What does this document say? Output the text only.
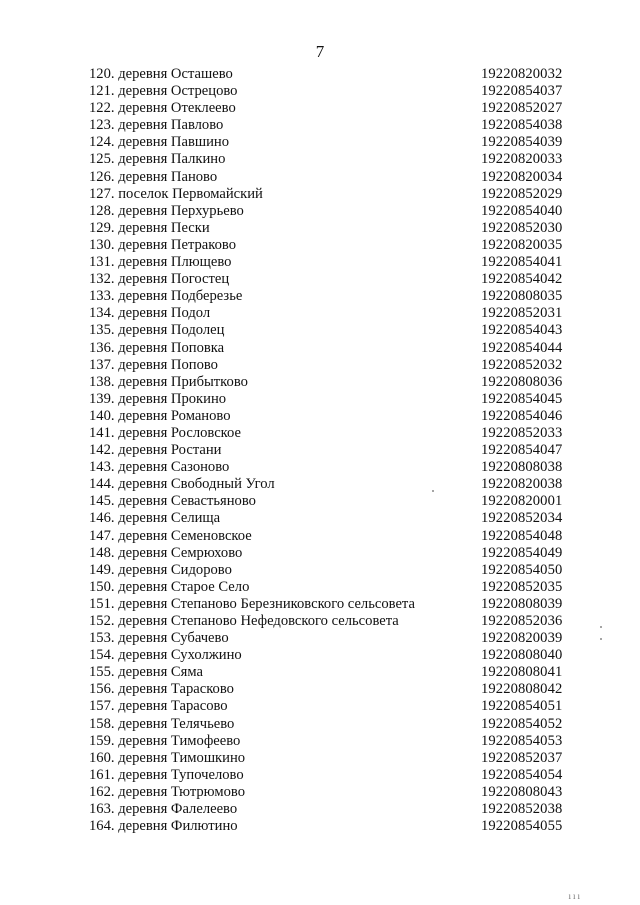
7
120. деревня Осташево	19220820032
121. деревня Острецово	19220854037
122. деревня Отеклеево	19220852027
123. деревня Павлово	19220854038
124. деревня Павшино	19220854039
125. деревня Палкино	19220820033
126. деревня Паново	19220820034
127. поселок Первомайский	19220852029
128. деревня Перхурьево	19220854040
129. деревня Пески	19220852030
130. деревня Петраково	19220820035
131. деревня Плющево	19220854041
132. деревня Погостец	19220854042
133. деревня Подберезье	19220808035
134. деревня Подол	19220852031
135. деревня Подолец	19220854043
136. деревня Поповка	19220854044
137. деревня Попово	19220852032
138. деревня Прибытково	19220808036
139. деревня Прокино	19220854045
140. деревня Романово	19220854046
141. деревня Рословское	19220852033
142. деревня Ростани	19220854047
143. деревня Сазоново	19220808038
144. деревня Свободный Угол	19220820038
145. деревня Севастьяново	19220820001
146. деревня Селища	19220852034
147. деревня Семеновское	19220854048
148. деревня Семрюхово	19220854049
149. деревня Сидорово	19220854050
150. деревня Старое Село	19220852035
151. деревня Степаново Березниковского сельсовета	19220808039
152. деревня Степаново Нефедовского сельсовета	19220852036
153. деревня Субачево	19220820039
154. деревня Сухолжино	19220808040
155. деревня Сяма	19220808041
156. деревня Тарасково	19220808042
157. деревня Тарасово	19220854051
158. деревня Телячьево	19220854052
159. деревня Тимофеево	19220854053
160. деревня Тимошкино	19220852037
161. деревня Тупочелово	19220854054
162. деревня Тютрюмово	19220808043
163. деревня Фалелеево	19220852038
164. деревня Филютино	19220854055
ııı
